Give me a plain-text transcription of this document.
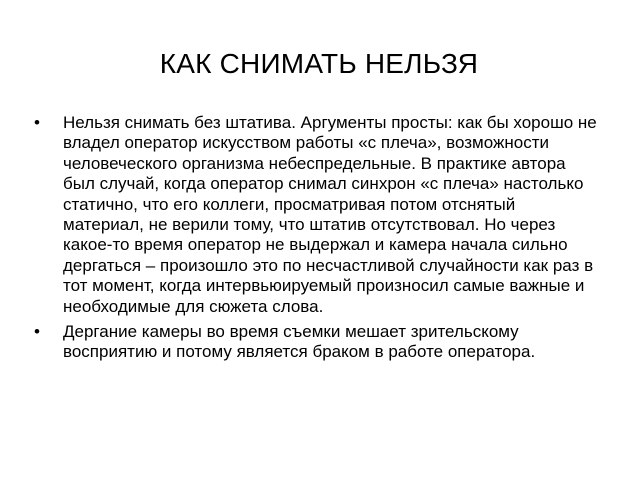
КАК СНИМАТЬ НЕЛЬЗЯ
• Нельзя снимать без штатива. Аргументы просты: как бы хорошо не владел оператор искусством работы «с плеча», возможности человеческого организма небеспредельные. В практике автора был случай, когда оператор снимал синхрон «с плеча» настолько статично, что его коллеги, просматривая потом отснятый материал, не верили тому, что штатив отсутствовал. Но через какое-то время оператор не выдержал и камера начала сильно дергаться – произошло это по несчастливой случайности как раз в тот момент, когда интервьюируемый произносил самые важные и необходимые для сюжета слова.
• Дергание камеры во время съемки мешает зрительскому восприятию и потому является браком в работе оператора.
